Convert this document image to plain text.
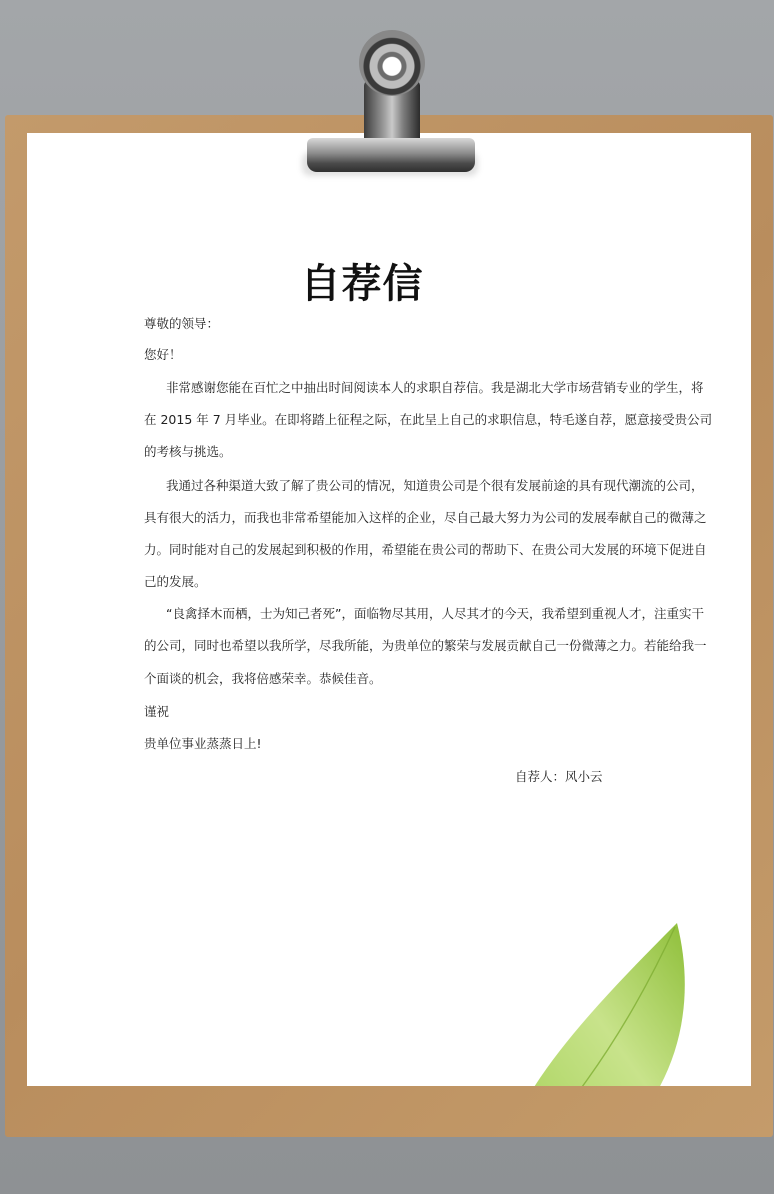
自荐信
尊敬的领导：
您好！
非常感谢您能在百忙之中抽出时间阅读本人的求职自荐信。我是湖北大学市场营销专业的学生，将
在 2015 年 7 月毕业。在即将踏上征程之际，在此呈上自己的求职信息，特毛遂自荐，愿意接受贵公司
的考核与挑选。
我通过各种渠道大致了解了贵公司的情况，知道贵公司是个很有发展前途的具有现代潮流的公司，
具有很大的活力，而我也非常希望能加入这样的企业，尽自己最大努力为公司的发展奉献自己的微薄之
力。同时能对自己的发展起到积极的作用，希望能在贵公司的帮助下、在贵公司大发展的环境下促进自
己的发展。
“良禽择木而栖，士为知己者死”，面临物尽其用，人尽其才的今天，我希望到重视人才，注重实干
的公司，同时也希望以我所学，尽我所能，为贵单位的繁荣与发展贡献自己一份微薄之力。若能给我一
个面谈的机会，我将倍感荣幸。恭候佳音。
谨祝
贵单位事业蒸蒸日上!
自荐人：风小云
